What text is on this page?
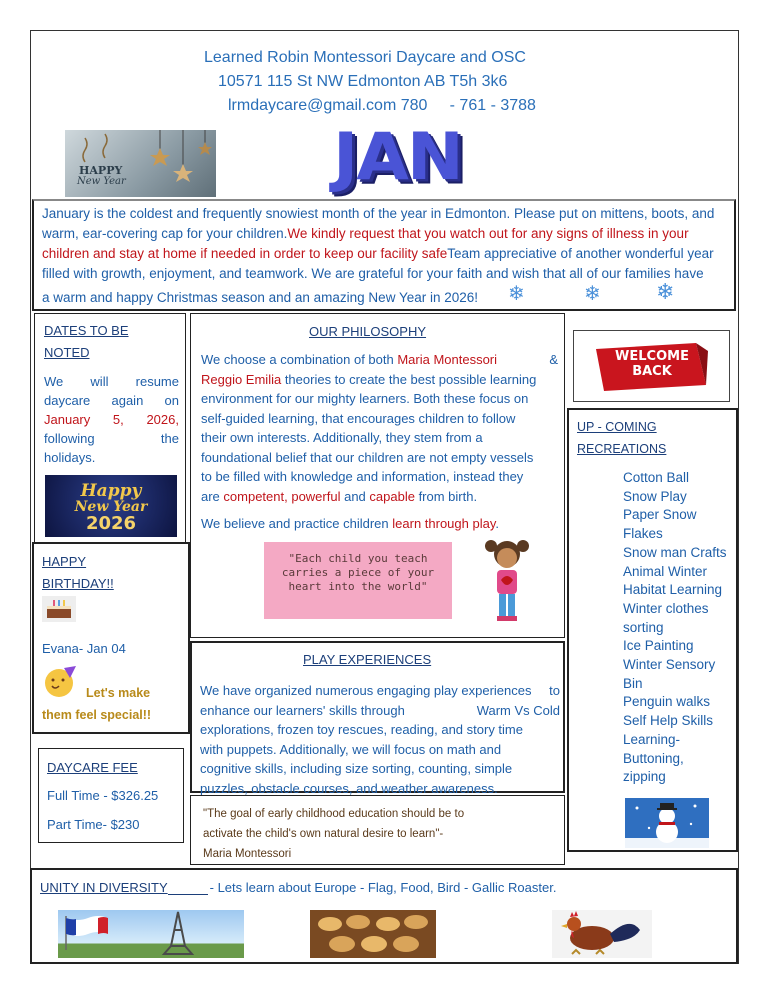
Learned Robin Montessori Daycare and OSC
10571 115 St NW Edmonton AB T5h 3k6
lrmdaycare@gmail.com 780     - 761 - 3788
HAPPY
New Year	JAN

January is the coldest and frequently snowiest month of the year in Edmonton. Please put on mittens, boots, and

warm, ear-covering cap for your children.We kindly request that you watch out for any signs of illness in your

children and stay at home if needed in order to keep our facility safeTeam appreciative of another wonderful year

filled with growth, enjoyment, and teamwork. We are grateful for your faith and wish that all of our families have

a warm and happy Christmas season and an amazing New Year in 2026! ❄	❄	❄
DATES TO BE
NOTED
We will resume
daycare again on
January 5, 2026,
following	the
holidays.
Happy
New Year
2026
OUR PHILOSOPHY
We choose a combination of both Maria Montessori	&
Reggio Emilia theories to create the best possible learning
environment for our mighty learners. Both these focus on
self-guided learning, that encourages children to follow
their own interests. Additionally, they stem from a
foundational belief that our children are not empty vessels
to be filled with knowledge and information, instead they
are competent, powerful and capable from birth.
We believe and practice children learn through play.
"Each child you teach carries a piece of your heart into the world"
HAPPY
BIRTHDAY!!
Evana- Jan 04
Let's make
them feel special!!
DAYCARE FEE
Full Time - $326.25
Part Time- $230
PLAY EXPERIENCES
We have organized numerous engaging play experiences to
enhance our learners' skills through	Warm Vs Cold
explorations, frozen toy rescues, reading, and story time
with puppets. Additionally, we will focus on math and
cognitive skills, including size sorting, counting, simple
puzzles, obstacle courses, and weather awareness.
"The goal of early childhood education should be to
activate the child's own natural desire to learn"-
Maria Montessori
WELCOME
BACK
UP - COMING
RECREATIONS
Cotton Ball
Snow Play
Paper Snow
Flakes
Snow man Crafts
Animal Winter
Habitat Learning
Winter clothes
sorting
Ice Painting
Winter Sensory
Bin
Penguin walks
Self Help Skills
Learning-
Buttoning,
zipping
UNITY IN DIVERSITY	- Lets learn about Europe - Flag, Food, Bird - Gallic Roaster.
